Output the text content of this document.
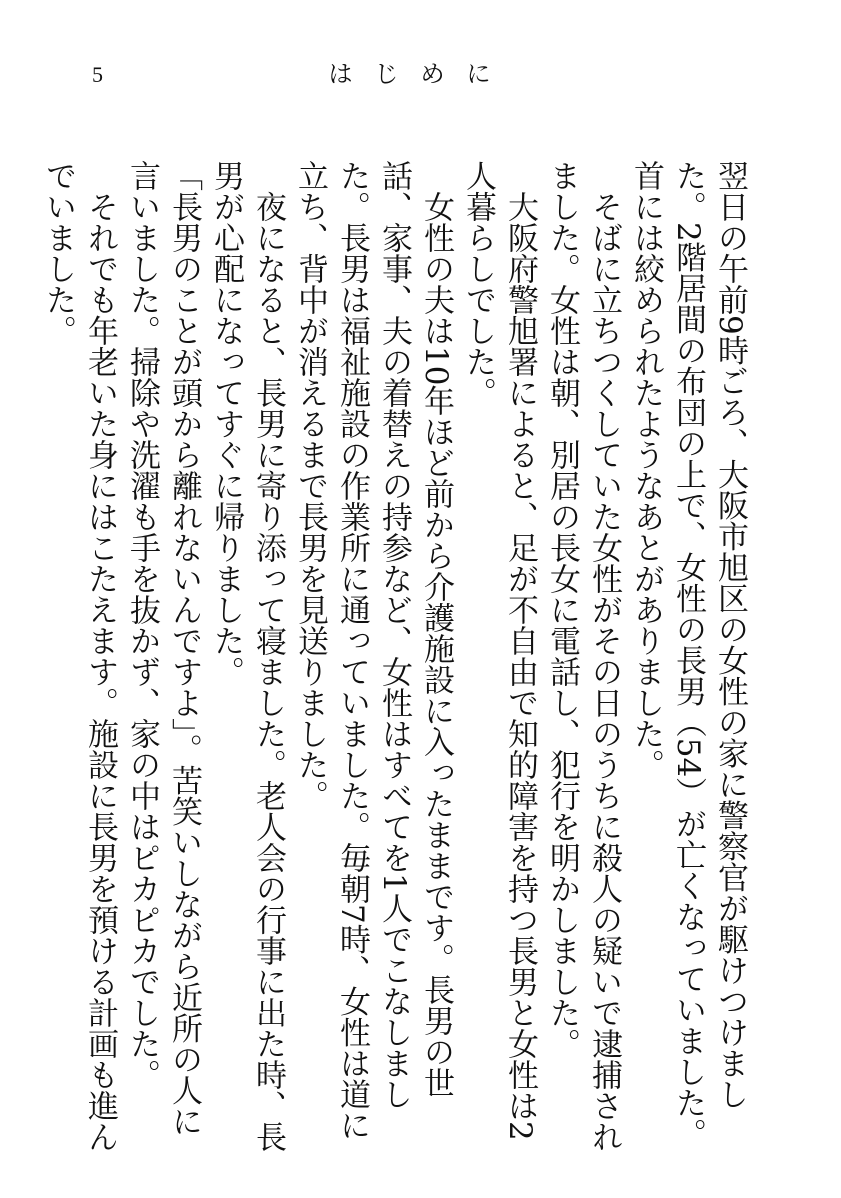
5	はじめに

翌日の午前9時ごろ、大阪市旭区の女性の家に警察官が駆けつけました。2階居間の布団の上で、女性の長男（54）が亡くなっていました。首には絞められたようなあとがありました。

そばに立ちつくしていた女性がその日のうちに殺人の疑いで逮捕されました。女性は朝、別居の長女に電話し、犯行を明かしました。

大阪府警旭署によると、足が不自由で知的障害を持つ長男と女性は2人暮らしでした。

女性の夫は10年ほど前から介護施設に入ったままです。長男の世話、家事、夫の着替えの持参など、女性はすべてを1人でこなしました。長男は福祉施設の作業所に通っていました。毎朝7時、女性は道に立ち、背中が消えるまで長男を見送りました。

夜になると、長男に寄り添って寝ました。老人会の行事に出た時、長男が心配になってすぐに帰りました。

「長男のことが頭から離れないんですよ」。苦笑いしながら近所の人に言いました。掃除や洗濯も手を抜かず、家の中はピカピカでした。

それでも年老いた身にはこたえます。施設に長男を預ける計画も進んでいました。
